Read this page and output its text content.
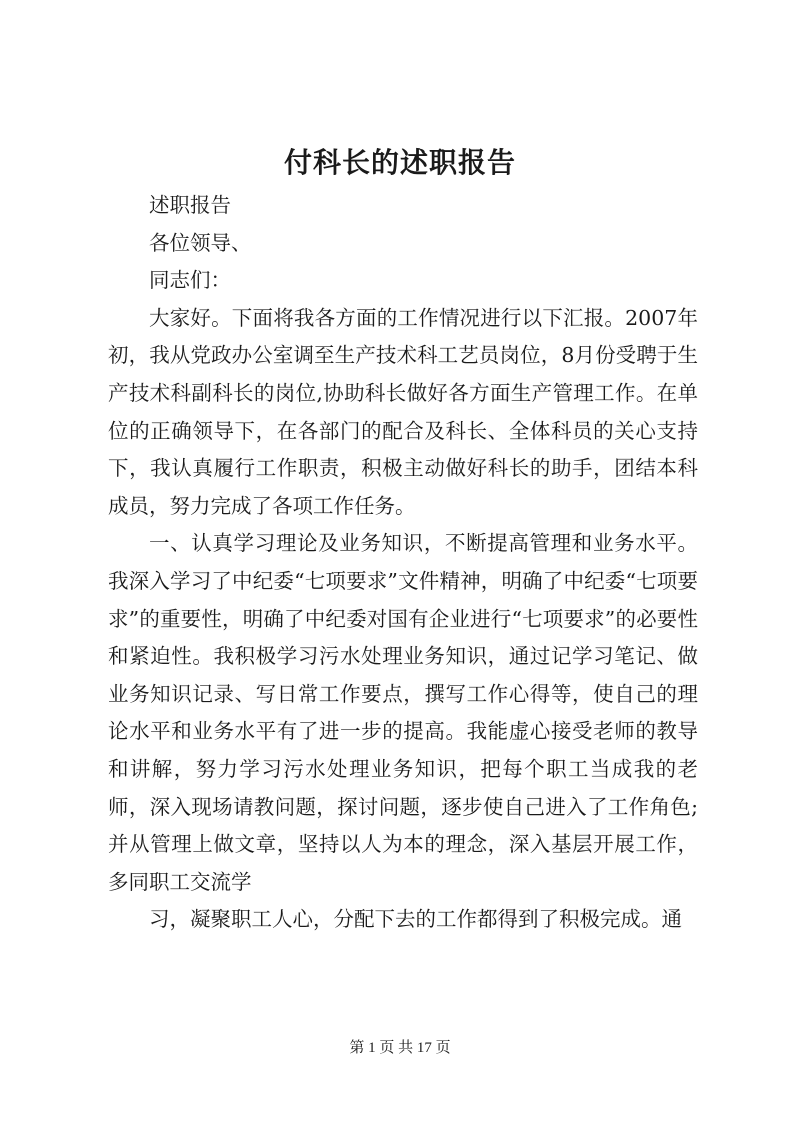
付科长的述职报告

述职报告

各位领导、

同志们：

大家好。下面将我各方面的工作情况进行以下汇报。2007年初，我从党政办公室调至生产技术科工艺员岗位，8月份受聘于生产技术科副科长的岗位,协助科长做好各方面生产管理工作。在单位的正确领导下，在各部门的配合及科长、全体科员的关心支持下，我认真履行工作职责，积极主动做好科长的助手，团结本科成员，努力完成了各项工作任务。

一、认真学习理论及业务知识，不断提高管理和业务水平。我深入学习了中纪委“七项要求”文件精神，明确了中纪委“七项要求”的重要性，明确了中纪委对国有企业进行“七项要求”的必要性和紧迫性。我积极学习污水处理业务知识，通过记学习笔记、做业务知识记录、写日常工作要点，撰写工作心得等，使自己的理论水平和业务水平有了进一步的提高。我能虚心接受老师的教导和讲解，努力学习污水处理业务知识，把每个职工当成我的老师，深入现场请教问题，探讨问题，逐步使自己进入了工作角色;并从管理上做文章，坚持以人为本的理念，深入基层开展工作，多同职工交流学

习，凝聚职工人心，分配下去的工作都得到了积极完成。通

第 1 页 共 17 页
